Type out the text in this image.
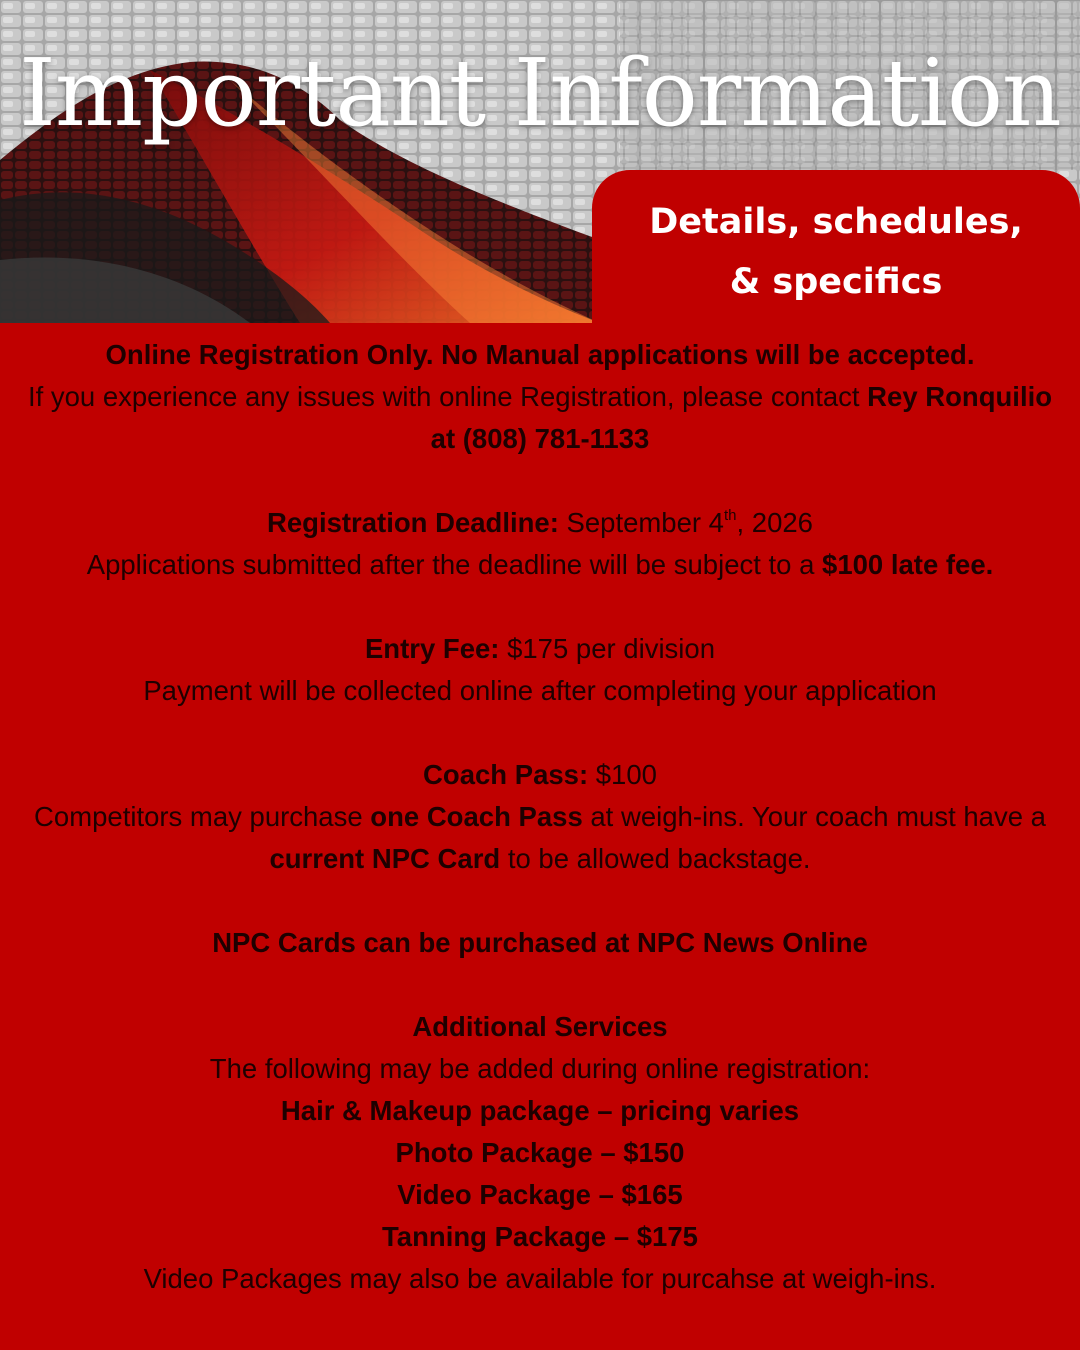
Important Information
Details, schedules,
& specifics

Online Registration Only. No Manual applications will be accepted.

If you experience any issues with online Registration, please contact Rey Ronquilio at (808) 781-1133

Registration Deadline: September 4th, 2026

Applications submitted after the deadline will be subject to a $100 late fee.

Entry Fee: $175 per division

Payment will be collected online after completing your application

Coach Pass: $100

Competitors may purchase one Coach Pass at weigh-ins. Your coach must have a current NPC Card to be allowed backstage.

NPC Cards can be purchased at NPC News Online

Additional Services

The following may be added during online registration:

Hair & Makeup package – pricing varies

Photo Package – $150

Video Package – $165

Tanning Package – $175

Video Packages may also be available for purcahse at weigh-ins.
